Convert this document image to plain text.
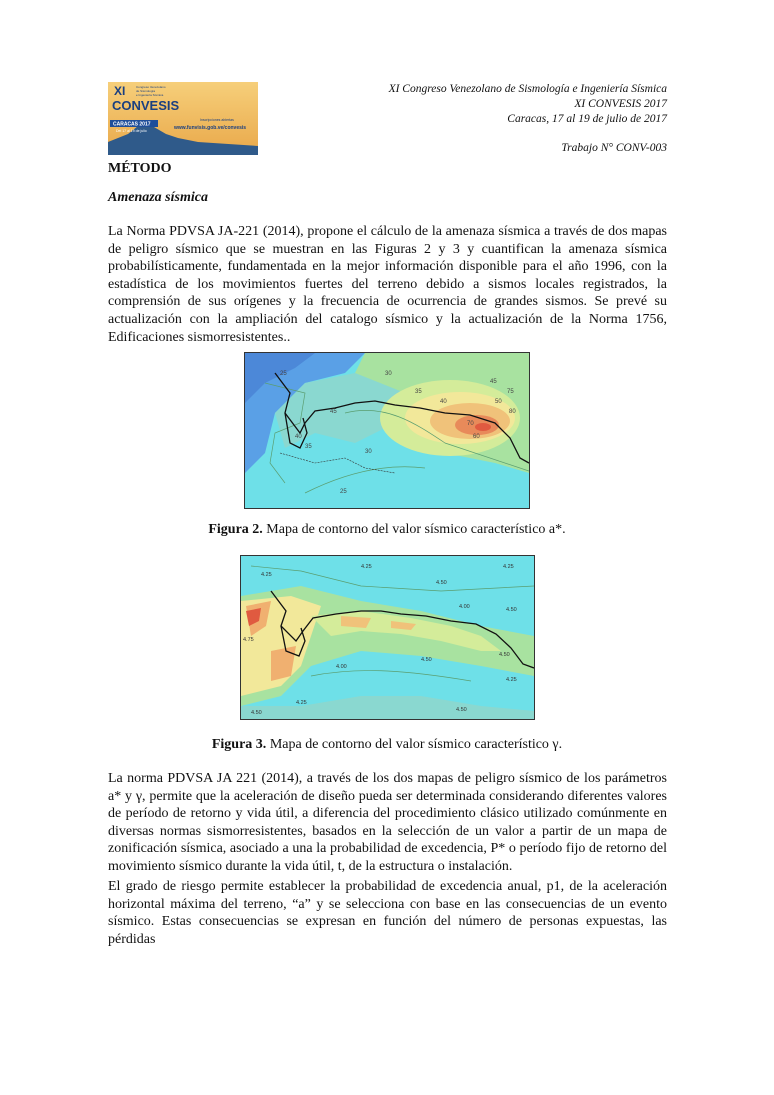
XI
CONVESIS
Congreso Venezolano
de Sismología
e Ingeniería Sísmica
CARACAS 2017
Del 17 al 19 de julio
Inscripciones abiertas
www.funvisis.gob.ve/convesis
XI Congreso Venezolano de Sismología e Ingeniería Sísmica
XI CONVESIS 2017
Caracas, 17 al 19 de julio de 2017
Trabajo N° CONV-003
MÉTODO
Amenaza sísmica
La Norma PDVSA JA-221 (2014), propone el cálculo de la amenaza sísmica a través de dos mapas de peligro sísmico que se muestran en las Figuras 2 y 3 y cuantifican la amenaza sísmica probabilísticamente, fundamentada en la mejor información disponible para el año 1996, con la estadística de los movimientos fuertes del terreno debido a sismos locales registrados, la comprensión de sus orígenes y la frecuencia de ocurrencia de grandes sismos. Se prevé su actualización con la ampliación del catalogo sísmico y la actualización de la Norma 1756, Edificaciones sismorresistentes..
25	30
35
40
45
50
60
70
75
80
25
30
35
40
45
Figura 2. Mapa de contorno del valor sísmico característico a*.
4.25
4.25
4.50
4.50
4.75
4.00
4.25
4.50
4.50
4.25
4.00
4.50
4.25
4.50
Figura 3. Mapa de contorno del valor sísmico característico γ.
La norma PDVSA JA 221 (2014), a través de los dos mapas de peligro sísmico de los parámetros a* y γ, permite que la aceleración de diseño pueda ser determinada considerando diferentes valores de período de retorno y vida útil, a diferencia del procedimiento clásico utilizado comúnmente en diversas normas sismorresistentes, basados en la selección de un valor a partir de un mapa de zonificación sísmica, asociado a una la probabilidad de excedencia, P* o período fijo de retorno del movimiento sísmico durante la vida útil, t, de la estructura o instalación.
El grado de riesgo permite establecer la probabilidad de excedencia anual, p1, de la aceleración horizontal máxima del terreno, “a” y se selecciona con base en las consecuencias de un evento sísmico. Estas consecuencias se expresan en función del número de personas expuestas, las pérdidas
